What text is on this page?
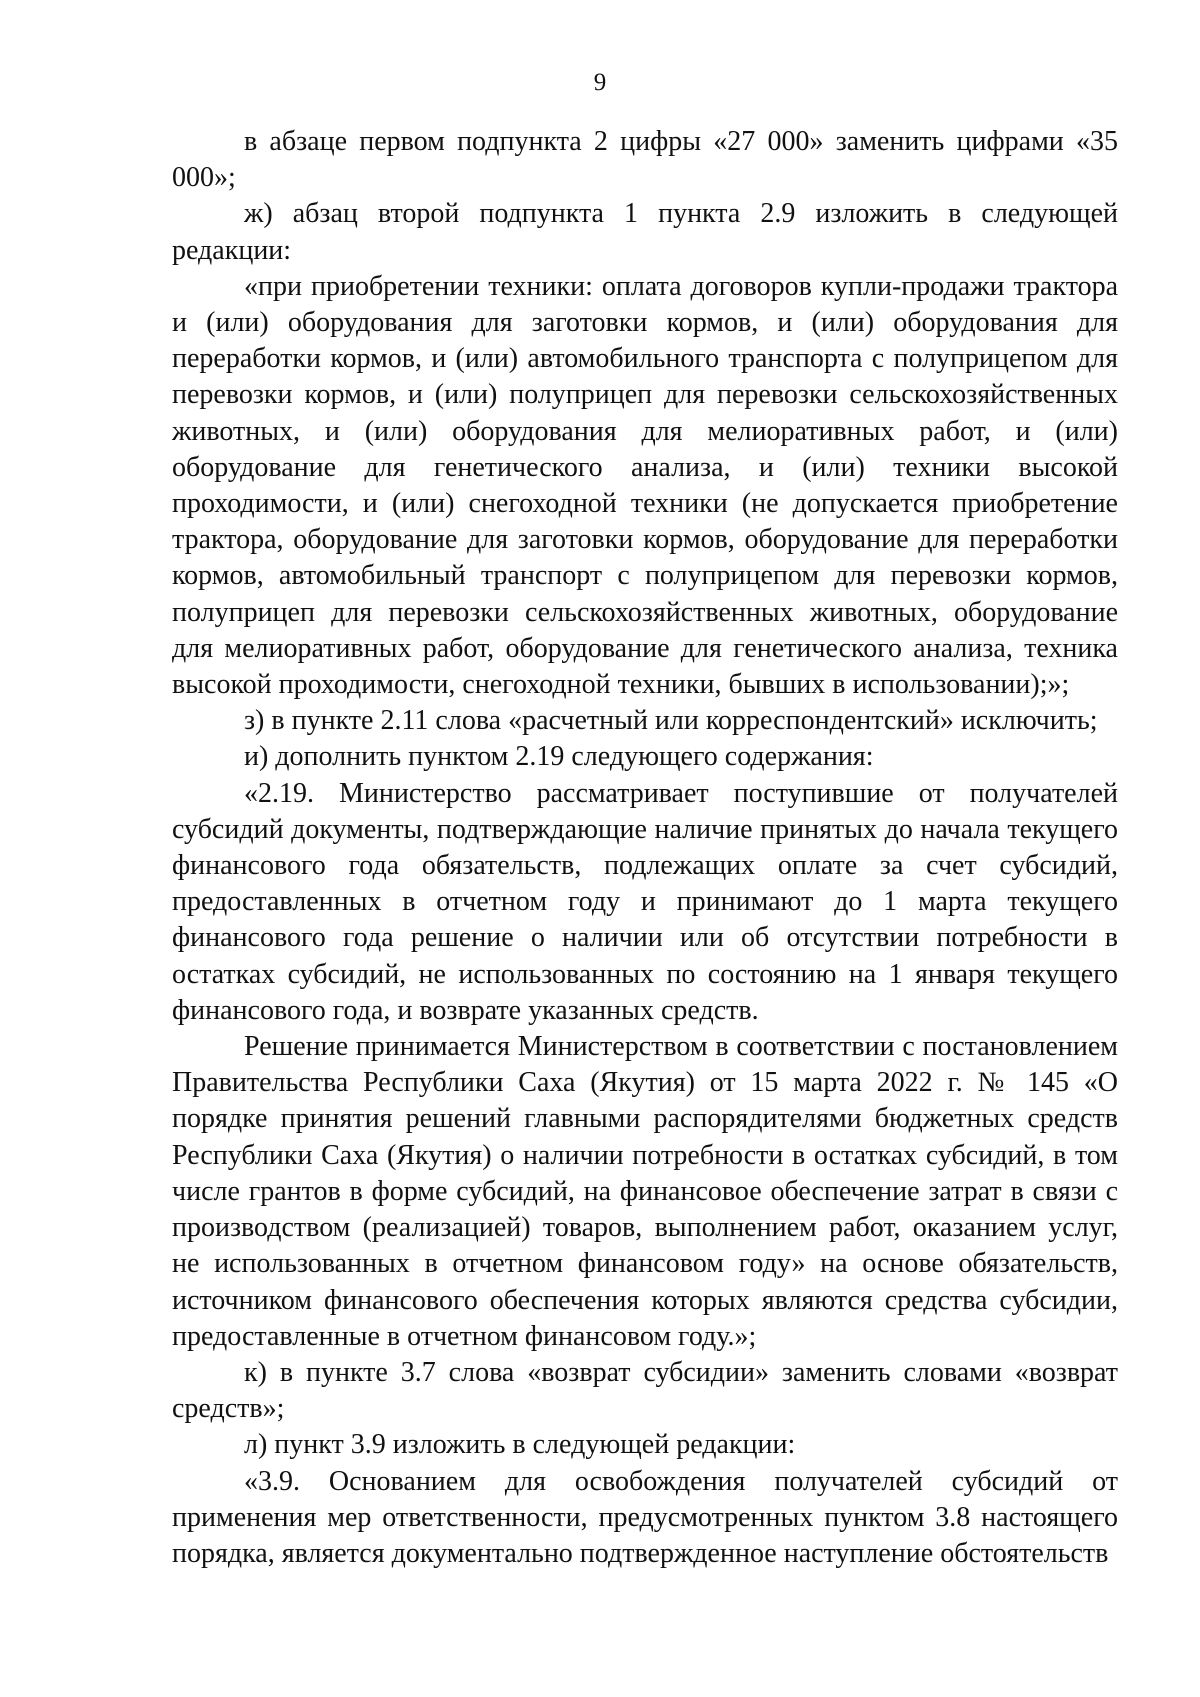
9

в абзаце первом подпункта 2 цифры «27 000» заменить цифрами «35 000»;

ж) абзац второй подпункта 1 пункта 2.9 изложить в следующей редакции:

«при приобретении техники: оплата договоров купли-продажи трактора и (или) оборудования для заготовки кормов, и (или) оборудования для переработки кормов, и (или) автомобильного транспорта с полуприцепом для перевозки кормов, и (или) полуприцеп для перевозки сельскохозяйственных животных, и (или) оборудования для мелиоративных работ, и (или) оборудование для генетического анализа, и (или) техники высокой проходимости, и (или) снегоходной техники (не допускается приобретение трактора, оборудование для заготовки кормов, оборудование для переработки кормов, автомобильный транспорт с полуприцепом для перевозки кормов, полуприцеп для перевозки сельскохозяйственных животных, оборудование для мелиоративных работ, оборудование для генетического анализа, техника высокой проходимости, снегоходной техники, бывших в использовании);»;

з) в пункте 2.11 слова «расчетный или корреспондентский» исключить;

и) дополнить пунктом 2.19 следующего содержания:

«2.19. Министерство рассматривает поступившие от получателей субсидий документы, подтверждающие наличие принятых до начала текущего финансового года обязательств, подлежащих оплате за счет субсидий, предоставленных в отчетном году и принимают до 1 марта текущего финансового года решение о наличии или об отсутствии потребности в остатках субсидий, не использованных по состоянию на 1 января текущего финансового года, и возврате указанных средств.

Решение принимается Министерством в соответствии с постановлением Правительства Республики Саха (Якутия) от 15 марта 2022 г. № 145 «О порядке принятия решений главными распорядителями бюджетных средств Республики Саха (Якутия) о наличии потребности в остатках субсидий, в том числе грантов в форме субсидий, на финансовое обеспечение затрат в связи с производством (реализацией) товаров, выполнением работ, оказанием услуг, не использованных в отчетном финансовом году» на основе обязательств, источником финансового обеспечения которых являются средства субсидии, предоставленные в отчетном финансовом году.»;

к) в пункте 3.7 слова «возврат субсидии» заменить словами «возврат средств»;

л) пункт 3.9 изложить в следующей редакции:

«3.9. Основанием для освобождения получателей субсидий от применения мер ответственности, предусмотренных пунктом 3.8 настоящего порядка, является документально подтвержденное наступление обстоятельств
